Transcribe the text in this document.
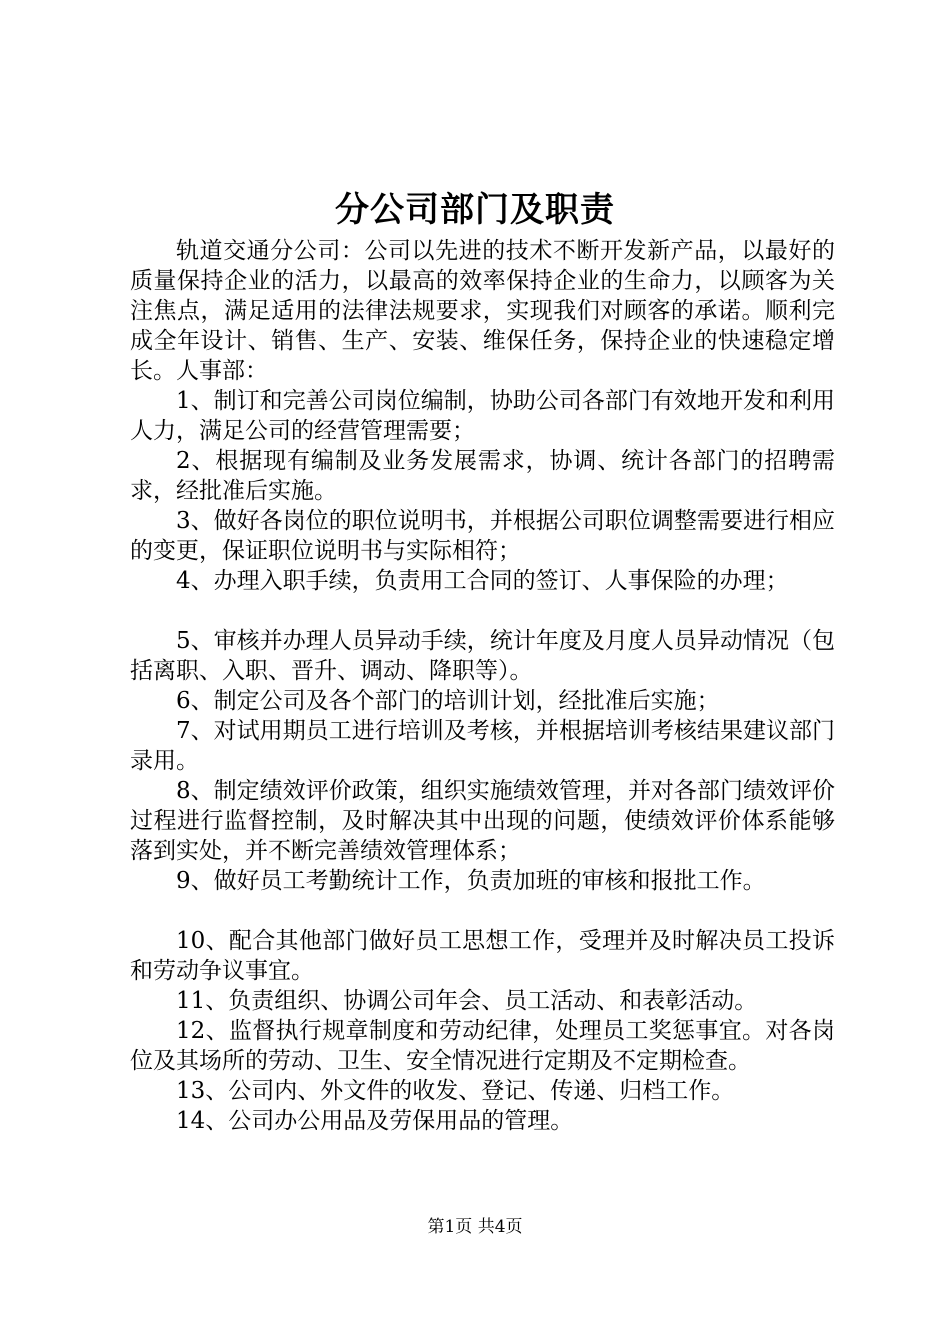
分公司部门及职责

轨道交通分公司：公司以先进的技术不断开发新产品，以最好的质量保持企业的活力，以最高的效率保持企业的生命力，以顾客为关注焦点，满足适用的法律法规要求，实现我们对顾客的承诺。顺利完成全年设计、销售、生产、安装、维保任务，保持企业的快速稳定增长。人事部：

1、制订和完善公司岗位编制，协助公司各部门有效地开发和利用人力，满足公司的经营管理需要；

2、根据现有编制及业务发展需求，协调、统计各部门的招聘需求，经批准后实施。

3、做好各岗位的职位说明书，并根据公司职位调整需要进行相应的变更，保证职位说明书与实际相符；

4、办理入职手续，负责用工合同的签订、人事保险的办理；

5、审核并办理人员异动手续，统计年度及月度人员异动情况（包括离职、入职、晋升、调动、降职等）。

6、制定公司及各个部门的培训计划，经批准后实施；

7、对试用期员工进行培训及考核，并根据培训考核结果建议部门录用。

8、制定绩效评价政策，组织实施绩效管理，并对各部门绩效评价过程进行监督控制，及时解决其中出现的问题，使绩效评价体系能够落到实处，并不断完善绩效管理体系；

9、做好员工考勤统计工作，负责加班的审核和报批工作。

10、配合其他部门做好员工思想工作，受理并及时解决员工投诉和劳动争议事宜。

11、负责组织、协调公司年会、员工活动、和表彰活动。

12、监督执行规章制度和劳动纪律，处理员工奖惩事宜。对各岗位及其场所的劳动、卫生、安全情况进行定期及不定期检查。

13、公司内、外文件的收发、登记、传递、归档工作。

14、公司办公用品及劳保用品的管理。

第1页 共4页
